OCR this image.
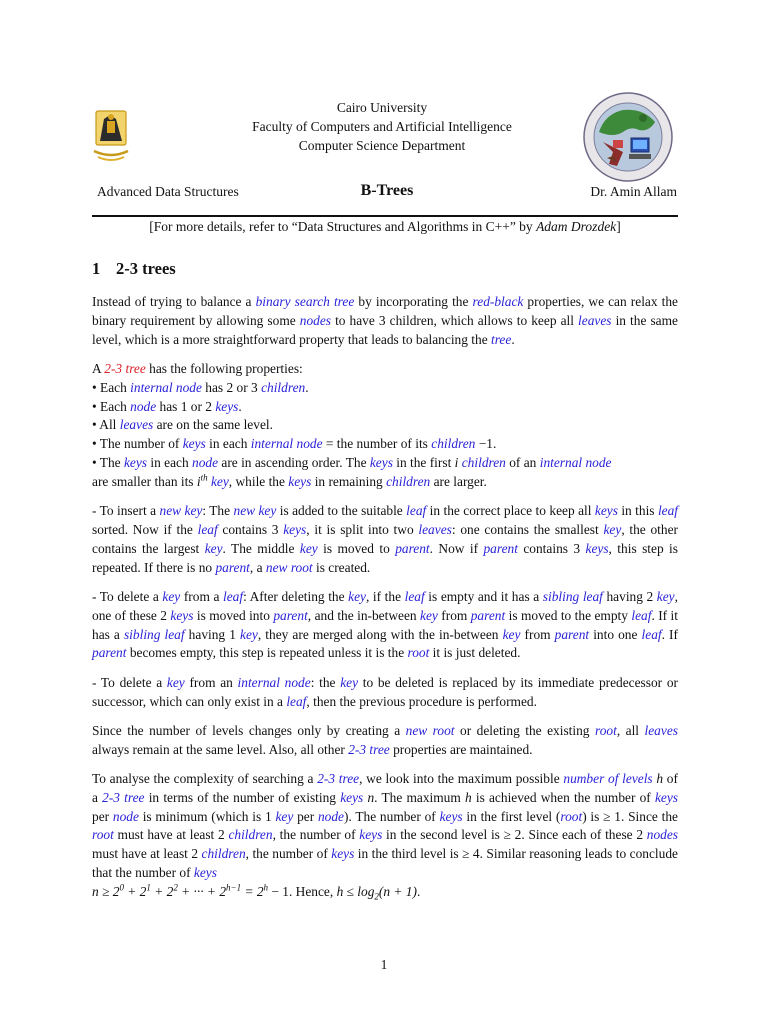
Cairo University
Faculty of Computers and Artificial Intelligence
Computer Science Department
Advanced Data Structures	B-Trees	Dr. Amin Allam
[For more details, refer to “Data Structures and Algorithms in C++” by Adam Drozdek]
1 2-3 trees

Instead of trying to balance a binary search tree by incorporating the red-black properties, we can relax the binary requirement by allowing some nodes to have 3 children, which allows to keep all leaves in the same level, which is a more straightforward property that leads to balancing the tree.

A 2-3 tree has the following properties:
• Each internal node has 2 or 3 children.
• Each node has 1 or 2 keys.
• All leaves are on the same level.
• The number of keys in each internal node = the number of its children −1.
• The keys in each node are in ascending order. The keys in the first i children of an internal node
are smaller than its $i^{th}$ key, while the keys in remaining children are larger.

- To insert a new key: The new key is added to the suitable leaf in the correct place to keep all keys in this leaf sorted. Now if the leaf contains 3 keys, it is split into two leaves: one contains the smallest key, the other contains the largest key. The middle key is moved to parent. Now if parent contains 3 keys, this step is repeated. If there is no parent, a new root is created.

- To delete a key from a leaf: After deleting the key, if the leaf is empty and it has a sibling leaf having 2 key, one of these 2 keys is moved into parent, and the in-between key from parent is moved to the empty leaf. If it has a sibling leaf having 1 key, they are merged along with the in-between key from parent into one leaf. If parent becomes empty, this step is repeated unless it is the root it is just deleted.

- To delete a key from an internal node: the key to be deleted is replaced by its immediate predecessor or successor, which can only exist in a leaf, then the previous procedure is performed.

Since the number of levels changes only by creating a new root or deleting the existing root, all leaves always remain at the same level. Also, all other 2-3 tree properties are maintained.

To analyse the complexity of searching a 2-3 tree, we look into the maximum possible number of levels h of a 2-3 tree in terms of the number of existing keys n. The maximum h is achieved when the number of keys per node is minimum (which is 1 key per node). The number of keys in the first level (root) is ≥ 1. Since the root must have at least 2 children, the number of keys in the second level is ≥ 2. Since each of these 2 nodes must have at least 2 children, the number of keys in the third level is ≥ 4. Similar reasoning leads to conclude that the number of keys
$n \ge 2^0 + 2^1 + 2^2$ + ··· + $2^{h-1} = 2^h - 1$. Hence, $h \le \log_2(n + 1)$.

1
